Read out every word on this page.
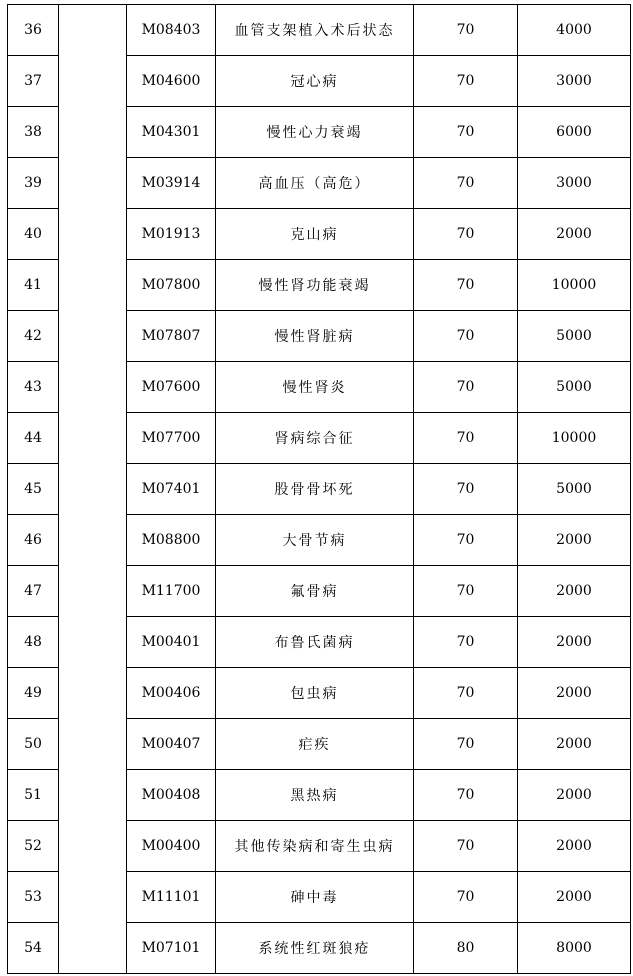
36		M08403	血管支架植入术后状态	70	4000
37		M04600	冠心病	70	3000
38		M04301	慢性心力衰竭	70	6000
39		M03914	高血压（高危）	70	3000
40		M01913	克山病	70	2000
41		M07800	慢性肾功能衰竭	70	10000
42		M07807	慢性肾脏病	70	5000
43		M07600	慢性肾炎	70	5000
44		M07700	肾病综合征	70	10000
45		M07401	股骨骨坏死	70	5000
46		M08800	大骨节病	70	2000
47		M11700	氟骨病	70	2000
48		M00401	布鲁氏菌病	70	2000
49		M00406	包虫病	70	2000
50		M00407	疟疾	70	2000
51		M00408	黑热病	70	2000
52		M00400	其他传染病和寄生虫病	70	2000
53		M11101	砷中毒	70	2000
54		M07101	系统性红斑狼疮	80	8000
